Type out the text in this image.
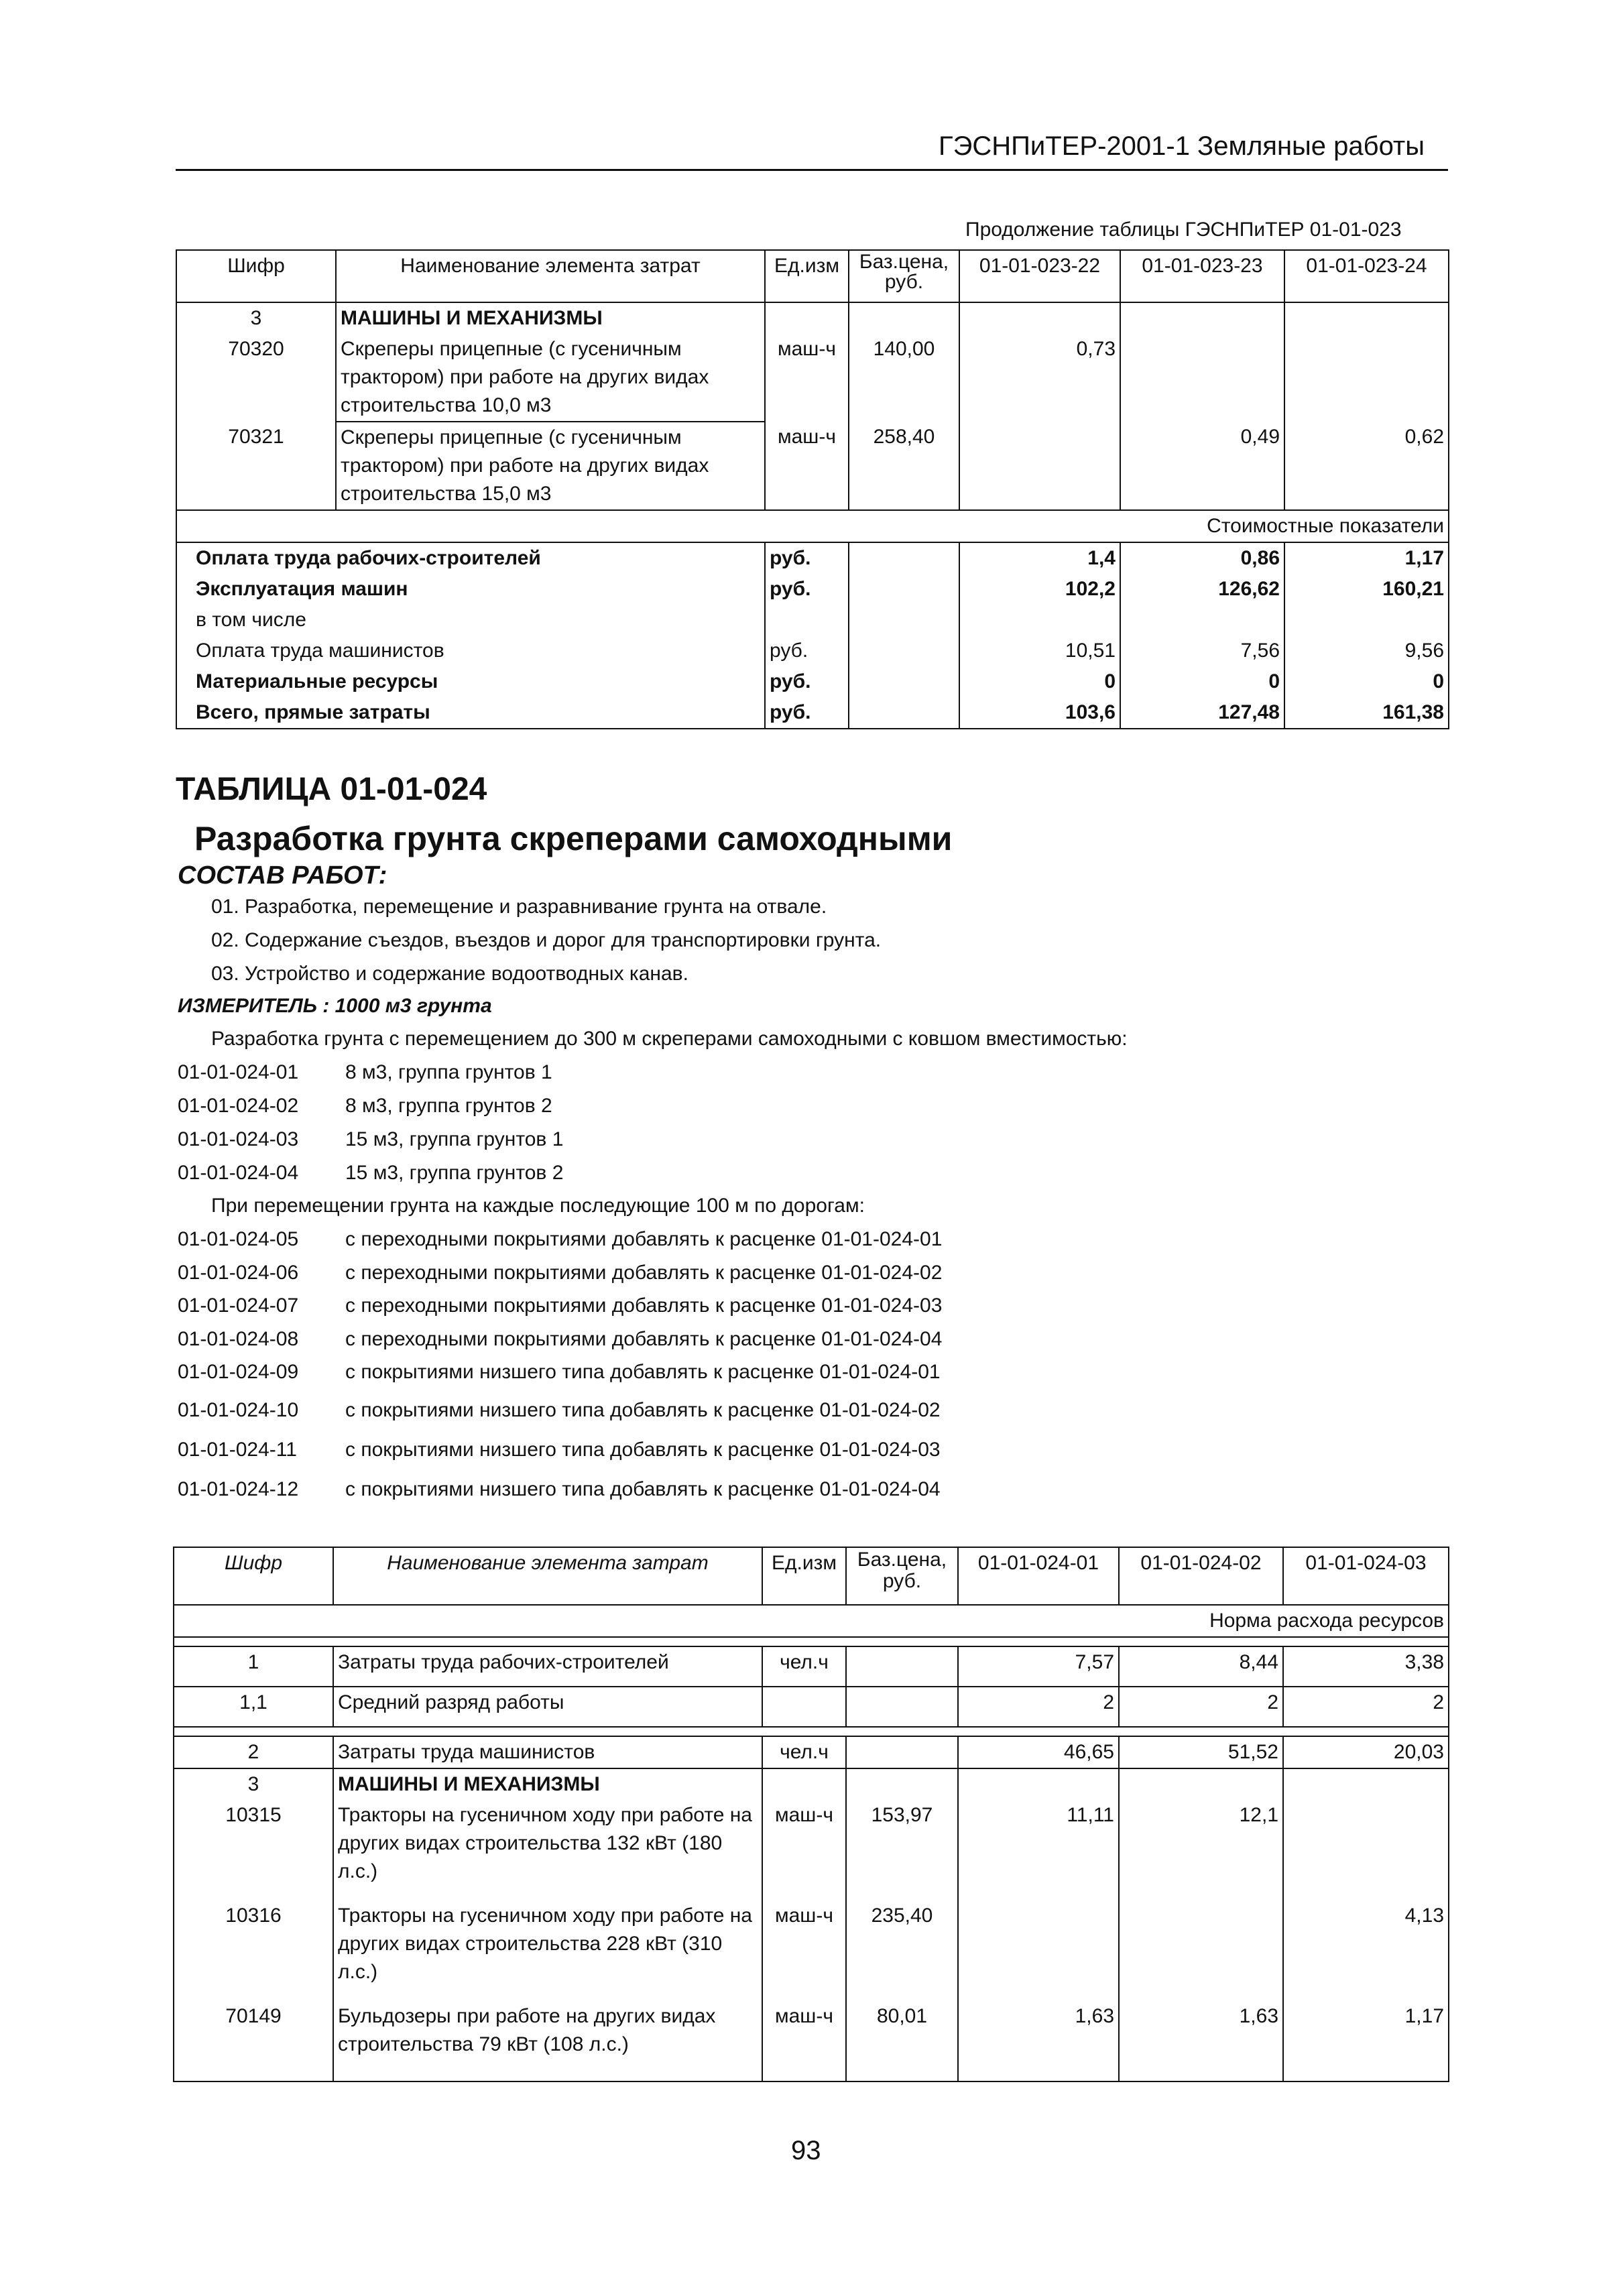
ГЭСНПиТЕР-2001-1 Земляные работы
Продолжение таблицы ГЭСНПиТЕР 01-01-023
Шифр	Наименование элемента затрат	Ед.изм	Баз.цена, руб.	01-01-023-22	01-01-023-23	01-01-023-24
3	МАШИНЫ И МЕХАНИЗМЫ					
70320	Скреперы прицепные (с гусеничным трактором) при работе на других видах строительства 10,0 м3	маш-ч	140,00	0,73		
70321	Скреперы прицепные (с гусеничным трактором) при работе на других видах строительства 15,0 м3	маш-ч	258,40		0,49	0,62
Стоимостные показатели						
Оплата труда рабочих-строителей		руб.		1,4	0,86	1,17
Эксплуатация машин		руб.		102,2	126,62	160,21
в том числе						
Оплата труда машинистов		руб.		10,51	7,56	9,56
Материальные ресурсы		руб.		0	0	0
Всего, прямые затраты		руб.		103,6	127,48	161,38
ТАБЛИЦА 01-01-024
Разработка грунта скреперами самоходными
СОСТАВ РАБОТ:
01. Разработка, перемещение и разравнивание грунта на отвале.
02. Содержание съездов, въездов и дорог для транспортировки грунта.
03. Устройство и содержание водоотводных канав.
ИЗМЕРИТЕЛЬ : 1000 м3 грунта
Разработка грунта с перемещением до 300 м скреперами самоходными с ковшом вместимостью:
01-01-024-01 8 м3, группа грунтов 1
01-01-024-02 8 м3, группа грунтов 2
01-01-024-03 15 м3, группа грунтов 1
01-01-024-04 15 м3, группа грунтов 2
При перемещении грунта на каждые последующие 100 м по дорогам:
01-01-024-05 с переходными покрытиями добавлять к расценке 01-01-024-01
01-01-024-06 с переходными покрытиями добавлять к расценке 01-01-024-02
01-01-024-07 с переходными покрытиями добавлять к расценке 01-01-024-03
01-01-024-08 с переходными покрытиями добавлять к расценке 01-01-024-04
01-01-024-09 с покрытиями низшего типа добавлять к расценке 01-01-024-01
01-01-024-10 с покрытиями низшего типа добавлять к расценке 01-01-024-02
01-01-024-11 с покрытиями низшего типа добавлять к расценке 01-01-024-03
01-01-024-12 с покрытиями низшего типа добавлять к расценке 01-01-024-04
Шифр	Наименование элемента затрат	Ед.изм	Баз.цена, руб.	01-01-024-01	01-01-024-02	01-01-024-03
Норма расхода ресурсов						

1	Затраты труда рабочих-строителей	чел.ч		7,57	8,44	3,38
1,1	Средний разряд работы			2	2	2

2	Затраты труда машинистов	чел.ч		46,65	51,52	20,03
3	МАШИНЫ И МЕХАНИЗМЫ					
10315	Тракторы на гусеничном ходу при работе на других видах строительства 132 кВт (180 л.с.)	маш-ч	153,97	11,11	12,1	
10316	Тракторы на гусеничном ходу при работе на других видах строительства 228 кВт (310 л.с.)	маш-ч	235,40			4,13
70149	Бульдозеры при работе на других видах строительства 79 кВт (108 л.с.)	маш-ч	80,01	1,63	1,63	1,17
93
